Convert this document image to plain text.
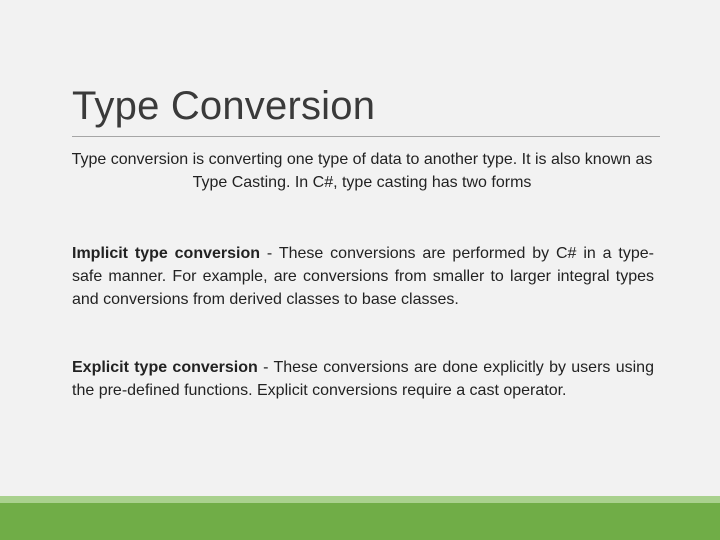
Type Conversion

Type conversion is converting one type of data to another type. It is also known as Type Casting. In C#, type casting has two forms

Implicit type conversion - These conversions are performed by C# in a type-safe manner. For example, are conversions from smaller to larger integral types and conversions from derived classes to base classes.

Explicit type conversion - These conversions are done explicitly by users using the pre-defined functions. Explicit conversions require a cast operator.
